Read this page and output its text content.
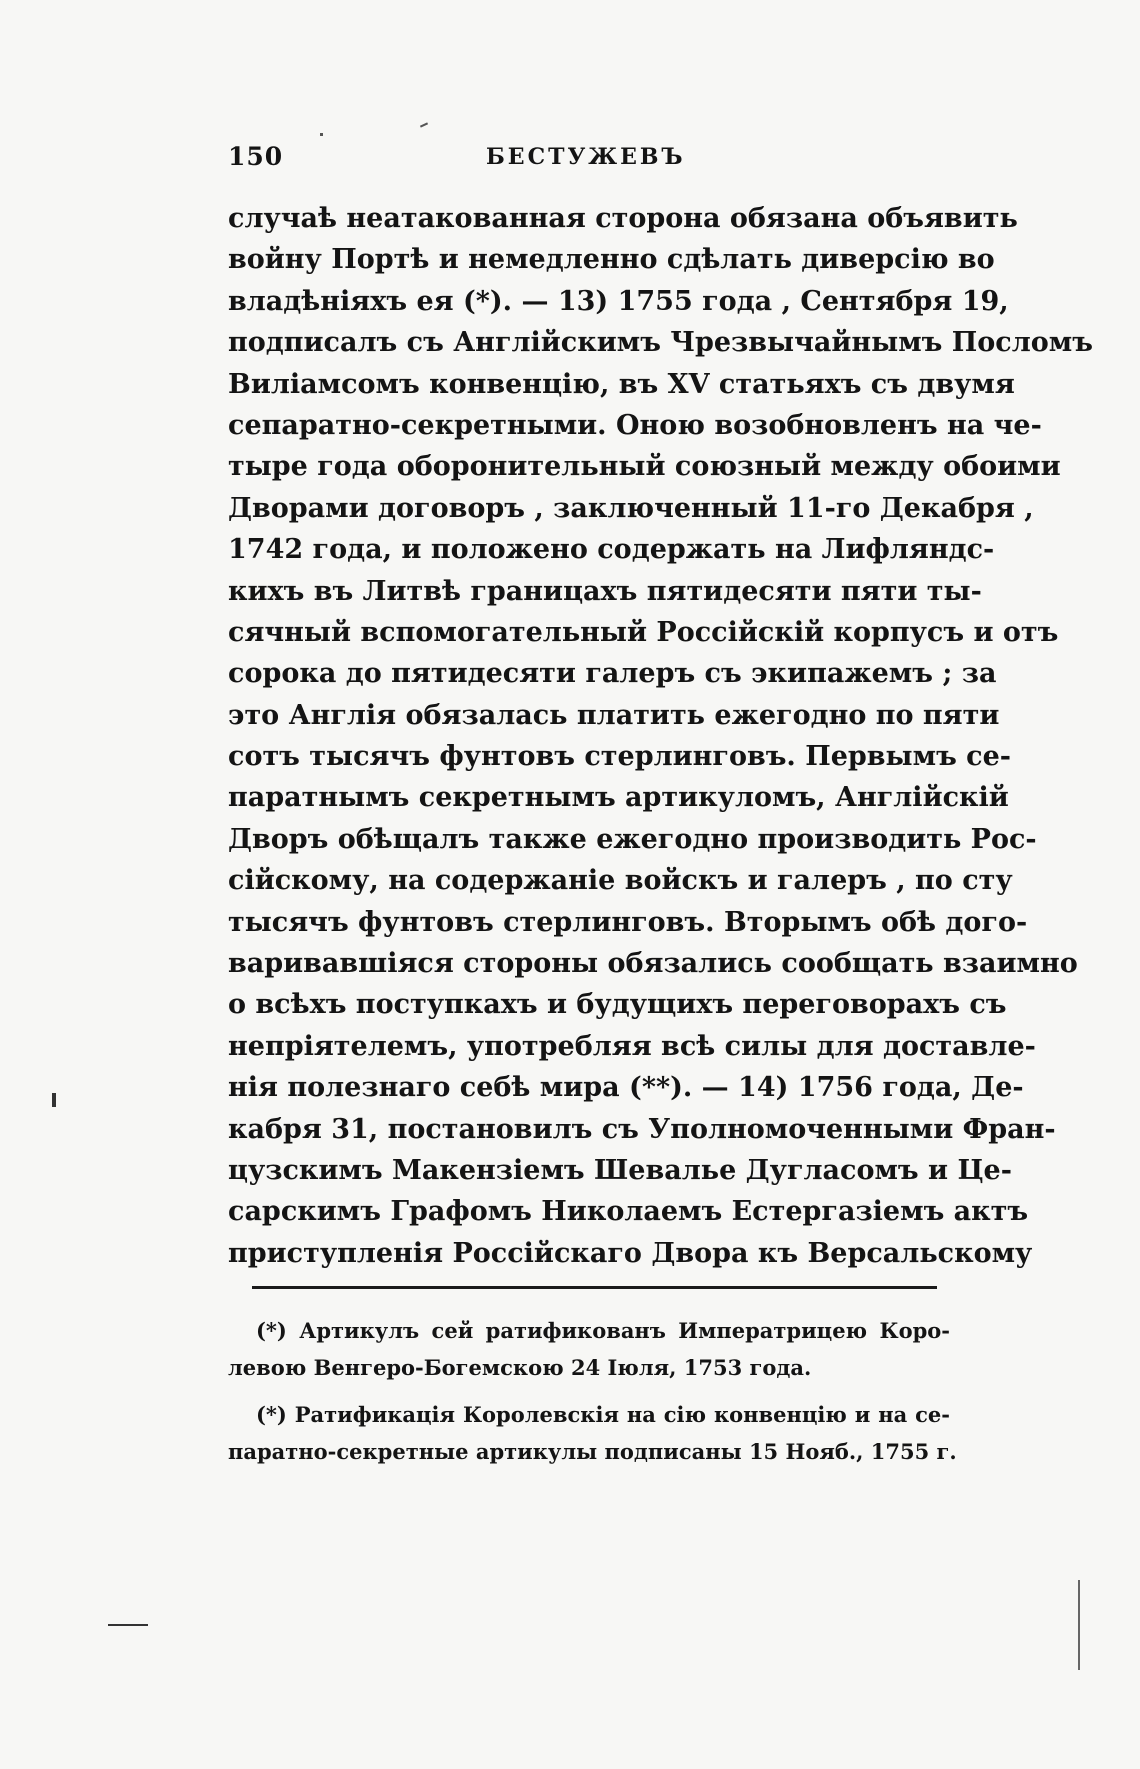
150	БЕСТУЖЕВЪ
случаѣ неатакованная сторона обязана объявить
войну Портѣ и немедленно сдѣлать диверсію во
владѣніяхъ ея (*). — 13) 1755 года , Сентября 19,
подписалъ съ Англійскимъ Чрезвычайнымъ Посломъ
Виліамсомъ конвенцію, въ XV статьяхъ съ двумя
сепаратно-секретными. Оною возобновленъ на че-
тыре года оборонительный союзный между обоими
Дворами договоръ , заключенный 11-го Декабря ,
1742 года, и положено содержать на Лифляндс-
кихъ въ Литвѣ границахъ пятидесяти пяти ты-
сячный вспомогательный Россійскій корпусъ и отъ
сорока до пятидесяти галеръ съ экипажемъ ; за
это Англія обязалась платить ежегодно по пяти
сотъ тысячъ фунтовъ стерлинговъ. Первымъ се-
паратнымъ секретнымъ артикуломъ, Англійскій
Дворъ обѣщалъ также ежегодно производить Рос-
сійскому, на содержаніе войскъ и галеръ , по сту
тысячъ фунтовъ стерлинговъ. Вторымъ обѣ дого-
варивавшіяся стороны обязались сообщать взаимно
о всѣхъ поступкахъ и будущихъ переговорахъ съ
непріятелемъ, употребляя всѣ силы для доставле-
нія полезнаго себѣ мира (**). — 14) 1756 года, Де-
кабря 31, постановилъ съ Уполномоченными Фран-
цузскимъ Макензіемъ Шевалье Дугласомъ и Це-
сарскимъ Графомъ Николаемъ Естергазіемъ актъ
приступленія Россійскаго Двора къ Версальскому
(*) Артикулъ сей ратификованъ Императрицею Коро-
левою Венгеро-Богемскою 24 Іюля, 1753 года.
(*) Ратификація Королевскія на сію конвенцію и на се-
паратно-секретные артикулы подписаны 15 Нояб., 1755 г.
